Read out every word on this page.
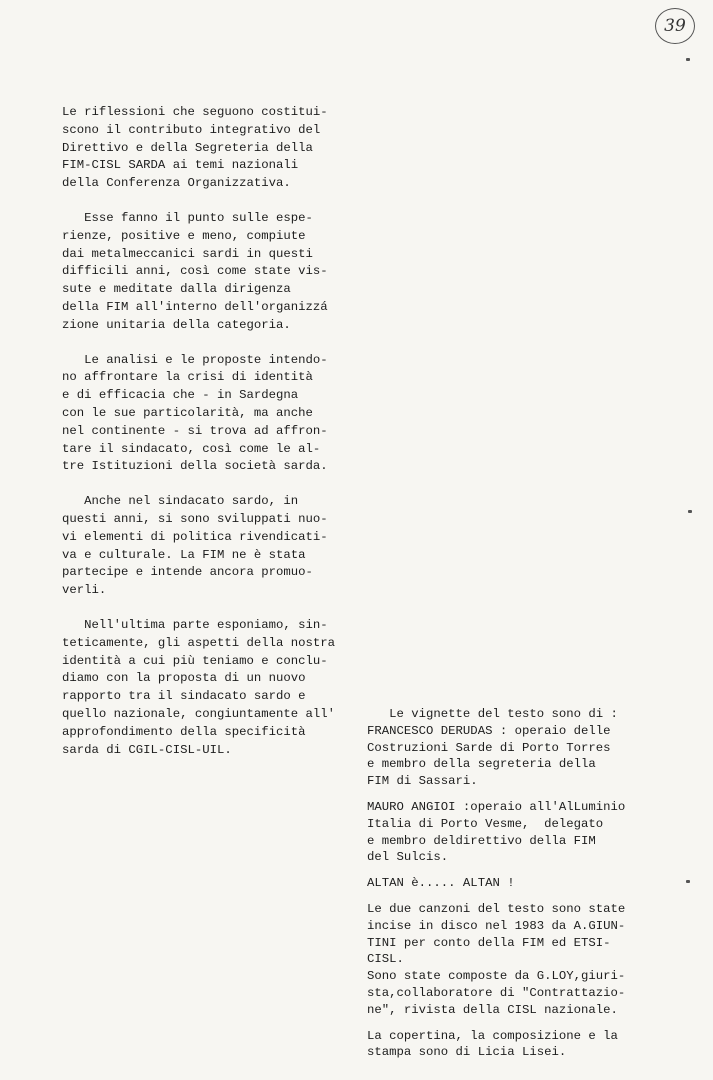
39

Le riflessioni che seguono costitui-
scono il contributo integrativo del
Direttivo e della Segreteria della
FIM-CISL SARDA ai temi nazionali
della Conferenza Organizzativa.

Esse fanno il punto sulle espe-
rienze, positive e meno, compiute
dai metalmeccanici sardi in questi
difficili anni, così come state vis-
sute e meditate dalla dirigenza
della FIM all'interno dell'organizzá
zione unitaria della categoria.

Le analisi e le proposte intendo-
no affrontare la crisi di identità
e di efficacia che - in Sardegna
con le sue particolarità, ma anche
nel continente - si trova ad affron-
tare il sindacato, così come le al-
tre Istituzioni della società sarda.

Anche nel sindacato sardo, in
questi anni, si sono sviluppati nuo-
vi elementi di politica rivendicati-
va e culturale. La FIM ne è stata
partecipe e intende ancora promuo-
verli.

Nell'ultima parte esponiamo, sin-
teticamente, gli aspetti della nostra
identità a cui più teniamo e conclu-
diamo con la proposta di un nuovo
rapporto tra il sindacato sardo e
quello nazionale, congiuntamente all'
approfondimento della specificità
sarda di CGIL-CISL-UIL.

Le vignette del testo sono di :
FRANCESCO DERUDAS : operaio delle
Costruzioni Sarde di Porto Torres
e membro della segreteria della
FIM di Sassari.

MAURO ANGIOI :operaio all'AlLuminio
Italia di Porto Vesme,  delegato
e membro deldirettivo della FIM
del Sulcis.

ALTAN è..... ALTAN !

Le due canzoni del testo sono state
incise in disco nel 1983 da A.GIUN-
TINI per conto della FIM ed ETSI-
CISL.
Sono state composte da G.LOY,giuri-
sta,collaboratore di "Contrattazio-
ne", rivista della CISL nazionale.

La copertina, la composizione e la
stampa sono di Licia Lisei.
